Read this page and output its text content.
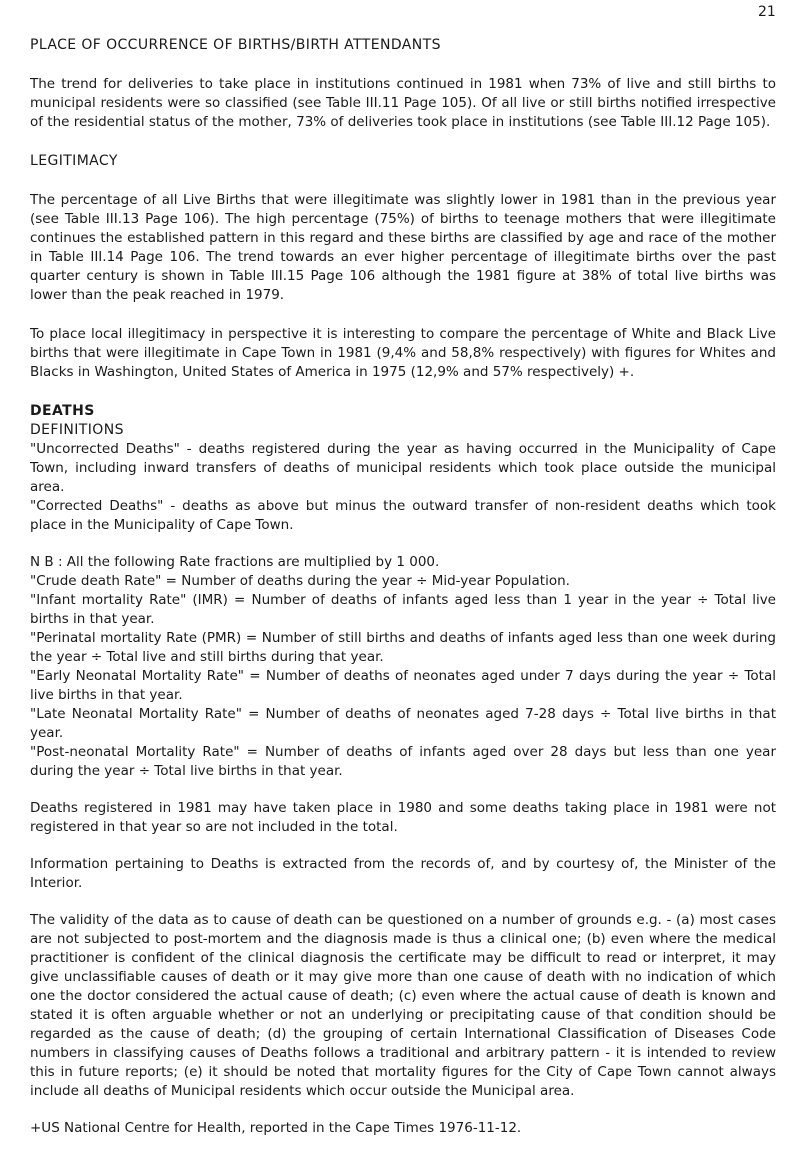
21
PLACE OF OCCURRENCE OF BIRTHS/BIRTH ATTENDANTS

The trend for deliveries to take place in institutions continued in 1981 when 73% of live and still births to municipal residents were so classified (see Table III.11 Page 105). Of all live or still births notified irrespective of the residential status of the mother, 73% of deliveries took place in institutions (see Table III.12 Page 105).

LEGITIMACY

The percentage of all Live Births that were illegitimate was slightly lower in 1981 than in the previous year (see Table III.13 Page 106). The high percentage (75%) of births to teenage mothers that were illegitimate continues the established pattern in this regard and these births are classified by age and race of the mother in Table III.14 Page 106. The trend towards an ever higher percentage of illegitimate births over the past quarter century is shown in Table III.15 Page 106 although the 1981 figure at 38% of total live births was lower than the peak reached in 1979.

To place local illegitimacy in perspective it is interesting to compare the percentage of White and Black Live births that were illegitimate in Cape Town in 1981 (9,4% and 58,8% respectively) with figures for Whites and Blacks in Washington, United States of America in 1975 (12,9% and 57% respectively) +.

DEATHS
DEFINITIONS

"Uncorrected Deaths" - deaths registered during the year as having occurred in the Municipality of Cape Town, including inward transfers of deaths of municipal residents which took place outside the municipal area.

"Corrected Deaths" - deaths as above but minus the outward transfer of non-resident deaths which took place in the Municipality of Cape Town.

N B : All the following Rate fractions are multiplied by 1 000.

"Crude death Rate" = Number of deaths during the year ÷ Mid-year Population.

"Infant mortality Rate" (IMR) = Number of deaths of infants aged less than 1 year in the year ÷ Total live births in that year.

"Perinatal mortality Rate (PMR) = Number of still births and deaths of infants aged less than one week during the year ÷ Total live and still births during that year.

"Early Neonatal Mortality Rate" = Number of deaths of neonates aged under 7 days during the year ÷ Total live births in that year.

"Late Neonatal Mortality Rate" = Number of deaths of neonates aged 7-28 days ÷ Total live births in that year.

"Post-neonatal Mortality Rate" = Number of deaths of infants aged over 28 days but less than one year during the year ÷ Total live births in that year.

Deaths registered in 1981 may have taken place in 1980 and some deaths taking place in 1981 were not registered in that year so are not included in the total.

Information pertaining to Deaths is extracted from the records of, and by courtesy of, the Minister of the Interior.

The validity of the data as to cause of death can be questioned on a number of grounds e.g. - (a) most cases are not subjected to post-mortem and the diagnosis made is thus a clinical one; (b) even where the medical practitioner is confident of the clinical diagnosis the certificate may be difficult to read or interpret, it may give unclassifiable causes of death or it may give more than one cause of death with no indication of which one the doctor considered the actual cause of death; (c) even where the actual cause of death is known and stated it is often arguable whether or not an underlying or precipitating cause of that condition should be regarded as the cause of death; (d) the grouping of certain International Classification of Diseases Code numbers in classifying causes of Deaths follows a traditional and arbitrary pattern - it is intended to review this in future reports; (e) it should be noted that mortality figures for the City of Cape Town cannot always include all deaths of Municipal residents which occur outside the Municipal area.

+US National Centre for Health, reported in the Cape Times 1976-11-12.
